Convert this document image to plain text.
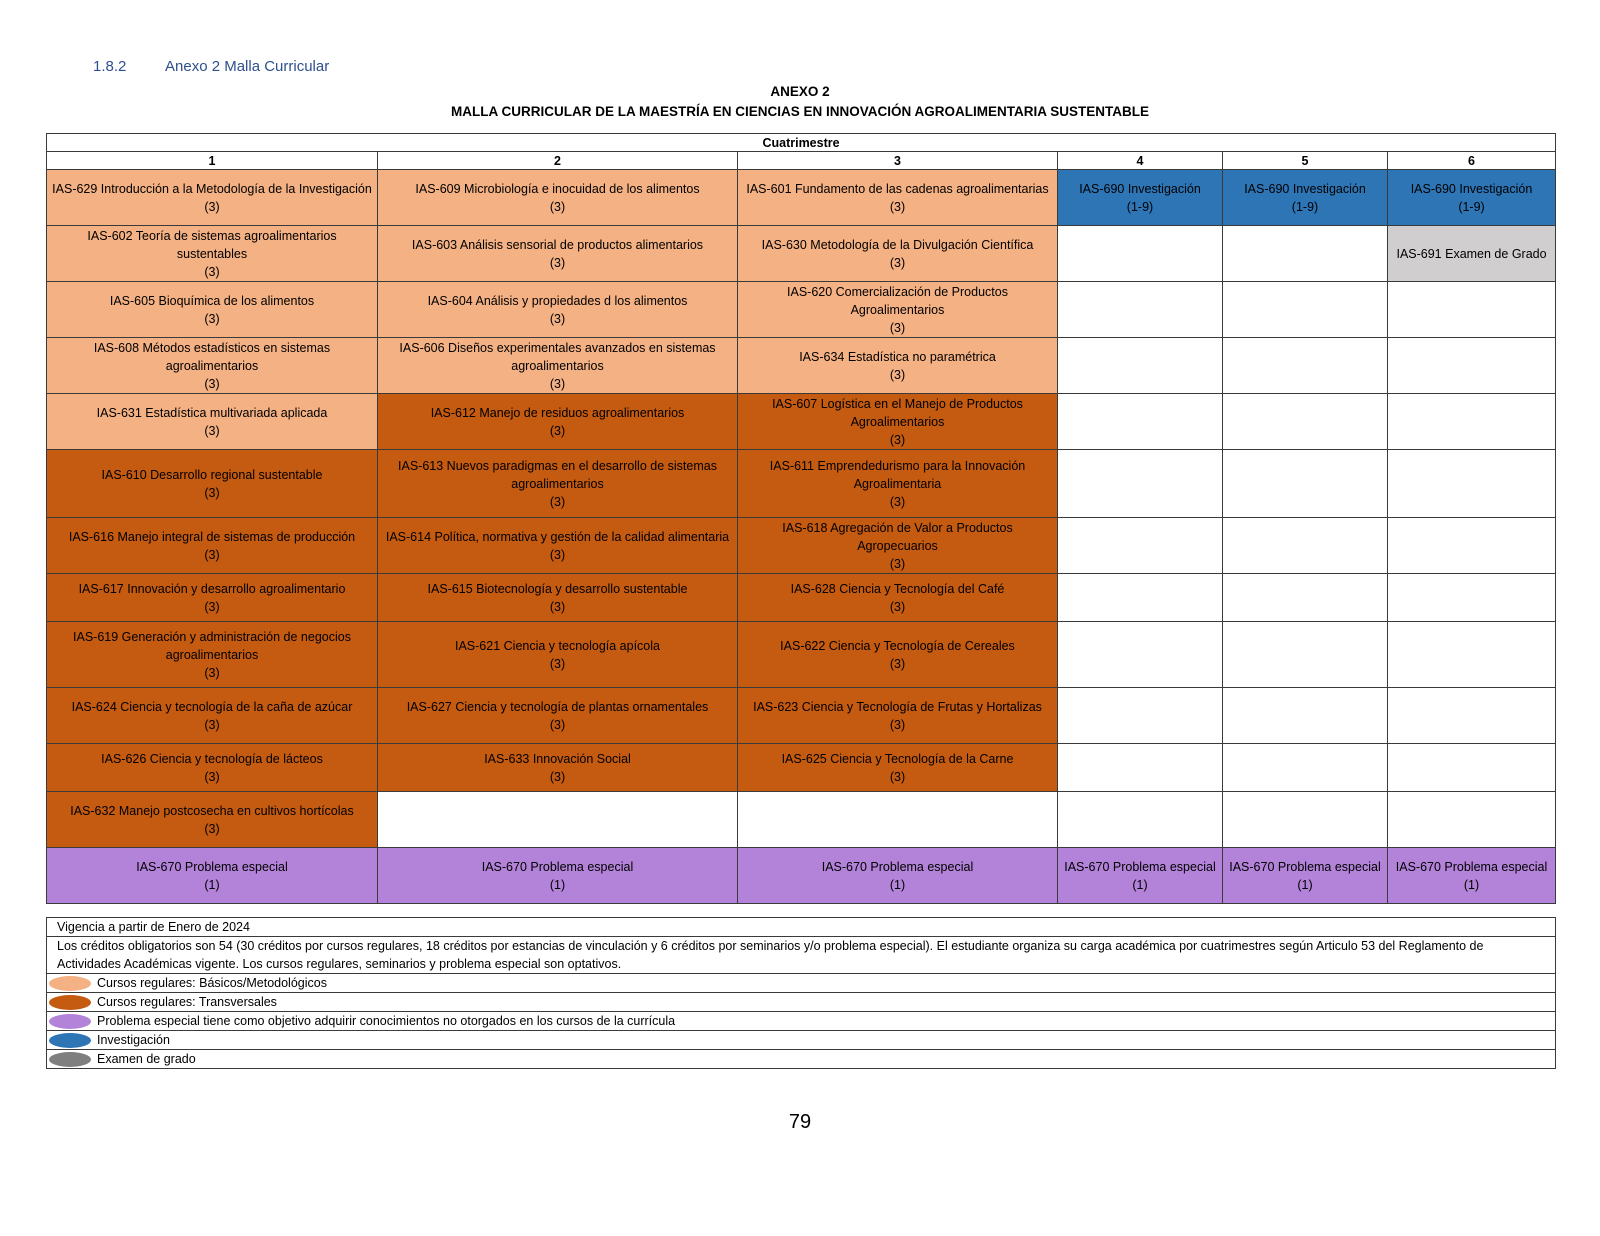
1.8.2	Anexo 2 Malla Curricular
ANEXO 2
MALLA CURRICULAR DE LA MAESTRÍA EN CIENCIAS EN INNOVACIÓN AGROALIMENTARIA SUSTENTABLE
Cuatrimestre					
1	2	3	4	5	6

IAS-629 Introducción a la Metodología de la Investigación
(3)	IAS-609 Microbiología e inocuidad de los alimentos
(3)	IAS-601 Fundamento de las cadenas agroalimentarias
(3)	IAS-690 Investigación
(1-9)	IAS-690 Investigación
(1-9)	IAS-690 Investigación
(1-9)

IAS-602 Teoría de sistemas agroalimentarios sustentables
(3)	IAS-603 Análisis sensorial de productos alimentarios
(3)	IAS-630 Metodología de la Divulgación Científica
(3)			IAS-691 Examen de Grado

IAS-605 Bioquímica de los alimentos
(3)	IAS-604 Análisis y propiedades d los alimentos
(3)	IAS-620 Comercialización de Productos Agroalimentarios
(3)			

IAS-608 Métodos estadísticos en sistemas agroalimentarios
(3)	IAS-606 Diseños experimentales avanzados en sistemas agroalimentarios
(3)	IAS-634 Estadística no paramétrica
(3)			

IAS-631 Estadística multivariada aplicada
(3)	IAS-612 Manejo de residuos agroalimentarios
(3)	IAS-607 Logística en el Manejo de Productos Agroalimentarios
(3)			

IAS-610 Desarrollo regional sustentable
(3)	IAS-613 Nuevos paradigmas en el desarrollo de sistemas agroalimentarios
(3)	IAS-611 Emprendedurismo para la Innovación Agroalimentaria
(3)			

IAS-616 Manejo integral de sistemas de producción
(3)	IAS-614 Política, normativa y gestión de la calidad alimentaria
(3)	IAS-618 Agregación de Valor a Productos Agropecuarios
(3)			

IAS-617 Innovación y desarrollo agroalimentario
(3)	IAS-615 Biotecnología y desarrollo sustentable
(3)	IAS-628 Ciencia y Tecnología del Café
(3)			

IAS-619 Generación y administración de negocios agroalimentarios
(3)	IAS-621 Ciencia y tecnología apícola
(3)	IAS-622 Ciencia y Tecnología de Cereales
(3)			

IAS-624 Ciencia y tecnología de la caña de azúcar
(3)	IAS-627 Ciencia y tecnología de plantas ornamentales
(3)	IAS-623 Ciencia y Tecnología de Frutas y Hortalizas
(3)			

IAS-626 Ciencia y tecnología de lácteos
(3)	IAS-633 Innovación Social
(3)	IAS-625 Ciencia y Tecnología de la Carne
(3)			

IAS-632 Manejo postcosecha en cultivos hortícolas
(3)					

IAS-670 Problema especial
(1)	IAS-670 Problema especial
(1)	IAS-670 Problema especial
(1)	IAS-670 Problema especial
(1)	IAS-670 Problema especial
(1)	IAS-670 Problema especial
(1)
Vigencia a partir de Enero de 2024
Los créditos obligatorios son 54 (30 créditos por cursos regulares, 18 créditos por estancias de vinculación y 6 créditos por seminarios y/o problema especial). El estudiante organiza su carga académica por cuatrimestres según Articulo 53 del Reglamento de Actividades Académicas vigente. Los cursos regulares, seminarios y problema especial son optativos.

Cursos regulares: Básicos/Metodológicos

Cursos regulares: Transversales

Problema especial tiene como objetivo adquirir conocimientos no otorgados en los cursos de la currícula

Investigación

Examen de grado
79
